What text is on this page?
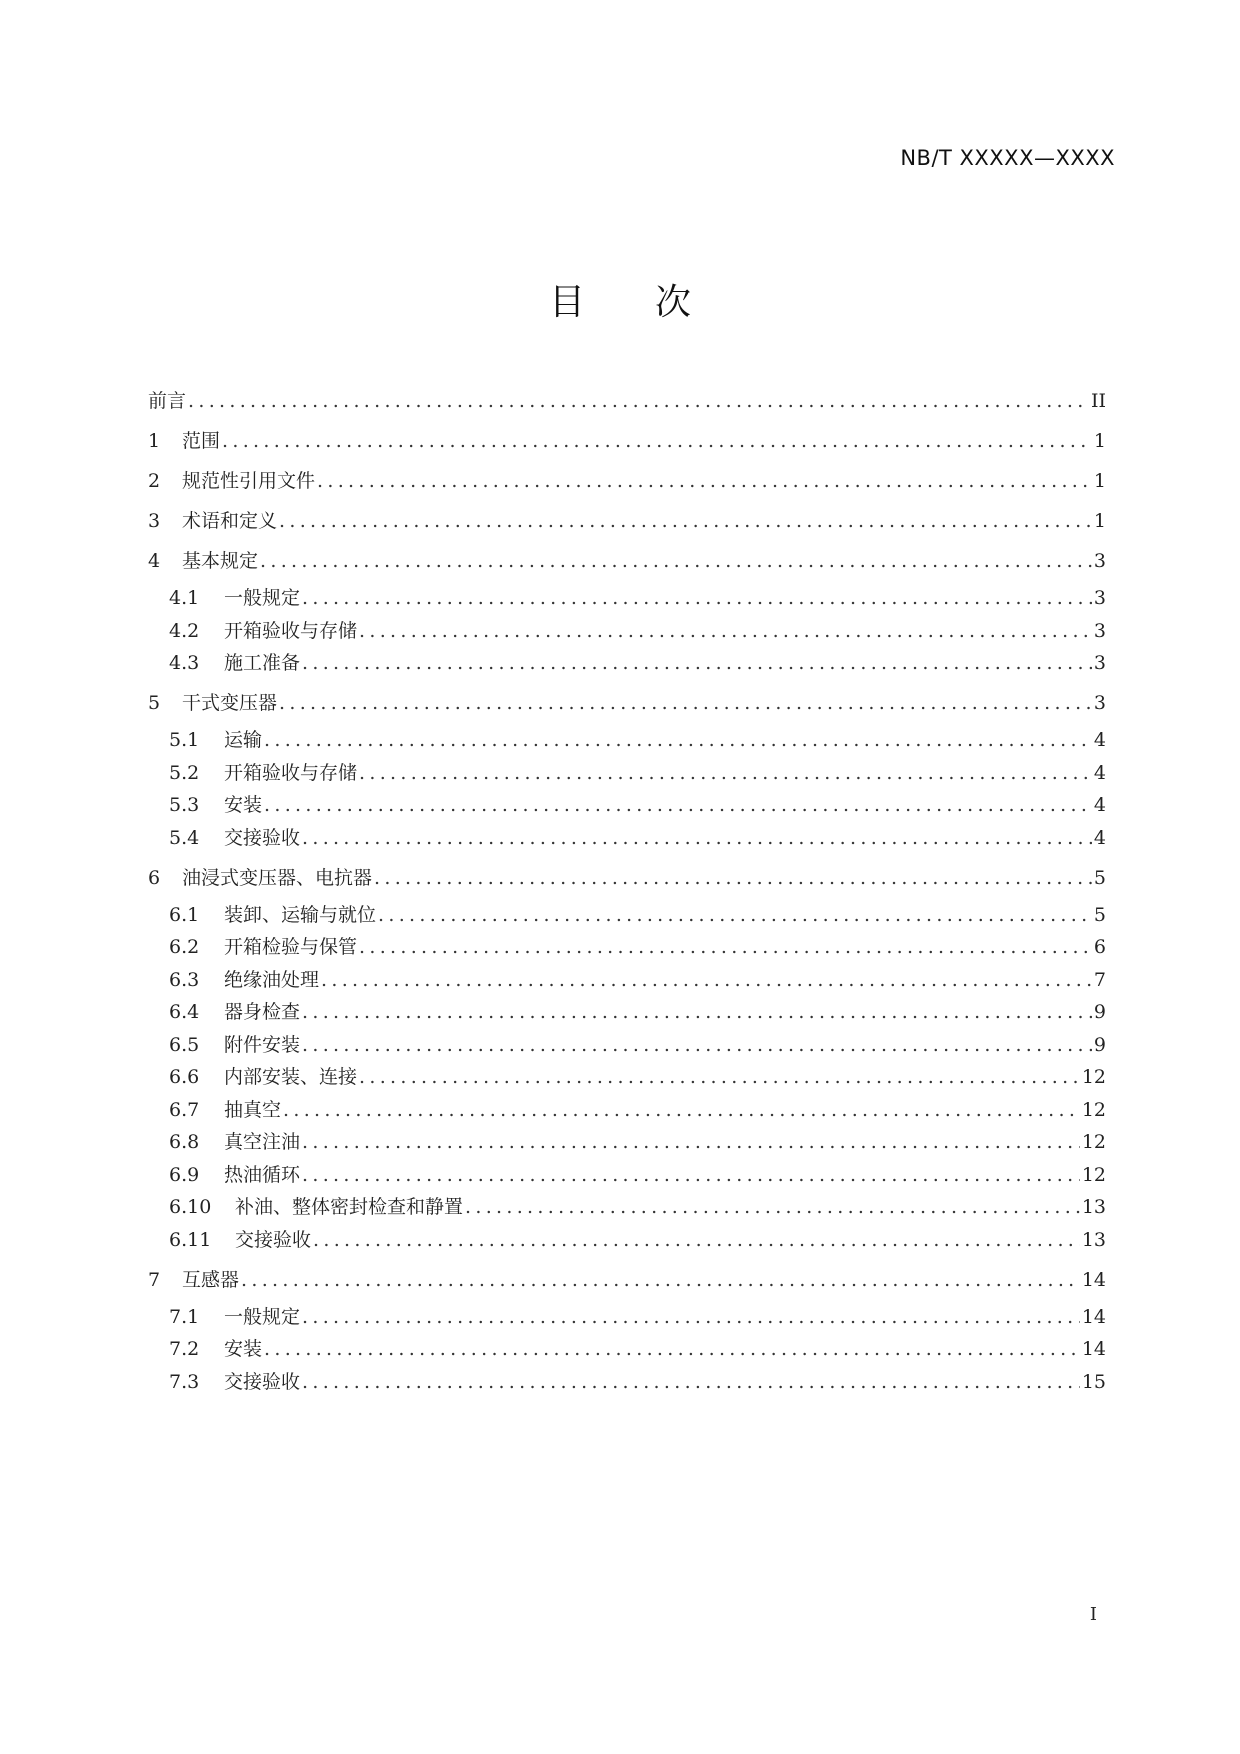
NB/T XXXXX—XXXX
目 次
前言 .....	II
1	范围 .....	1
2	规范性引用文件 .....	1
3	术语和定义 .....	1
4	基本规定 .....	3
4.1	一般规定 .....	3
4.2	开箱验收与存储 .....	3
4.3	施工准备 .....	3
5	干式变压器 .....	3
5.1	运输 .....	4
5.2	开箱验收与存储 .....	4
5.3	安装 .....	4
5.4	交接验收 .....	4
6	油浸式变压器、电抗器 .....	5
6.1	装卸、运输与就位 .....	5
6.2	开箱检验与保管 .....	6
6.3	绝缘油处理 .....	7
6.4	器身检查 .....	9
6.5	附件安装 .....	9
6.6	内部安装、连接 .....	12
6.7	抽真空 .....	12
6.8	真空注油 .....	12
6.9	热油循环 .....	12
6.10	补油、整体密封检查和静置 .....	13
6.11	交接验收 .....	13
7	互感器 .....	14
7.1	一般规定 .....	14
7.2	安装 .....	14
7.3	交接验收 .....	15
I
